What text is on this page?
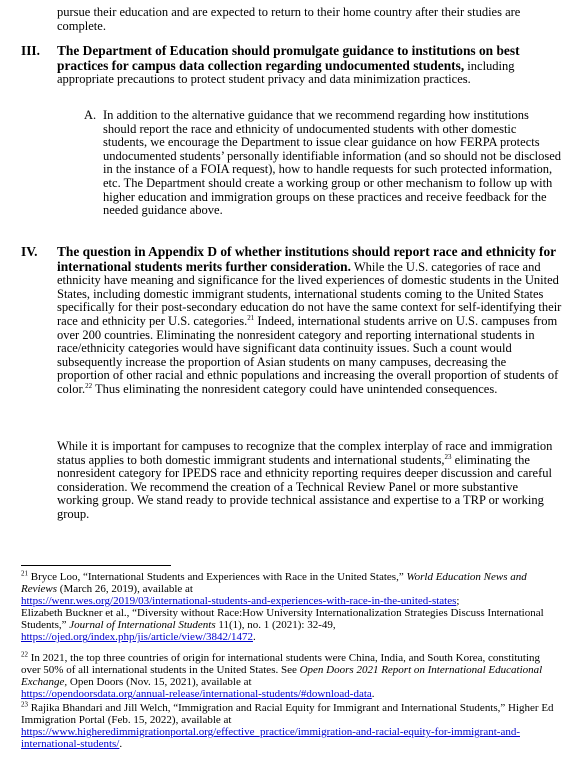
pursue their education and are expected to return to their home country after their studies are complete.
III. The Department of Education should promulgate guidance to institutions on best practices for campus data collection regarding undocumented students, including appropriate precautions to protect student privacy and data minimization practices.
A. In addition to the alternative guidance that we recommend regarding how institutions should report the race and ethnicity of undocumented students with other domestic students, we encourage the Department to issue clear guidance on how FERPA protects undocumented students’ personally identifiable information (and so should not be disclosed in the instance of a FOIA request), how to handle requests for such protected information, etc. The Department should create a working group or other mechanism to follow up with higher education and immigration groups on these practices and receive feedback for the needed guidance above.
IV. The question in Appendix D of whether institutions should report race and ethnicity for international students merits further consideration. While the U.S. categories of race and ethnicity have meaning and significance for the lived experiences of domestic students in the United States, including domestic immigrant students, international students coming to the United States specifically for their post-secondary education do not have the same context for self-identifying their race and ethnicity per U.S. categories.$^{21}$ Indeed, international students arrive on U.S. campuses from over 200 countries. Eliminating the nonresident category and reporting international students in race/ethnicity categories would have significant data continuity issues. Such a count would subsequently increase the proportion of Asian students on many campuses, decreasing the proportion of other racial and ethnic populations and increasing the overall proportion of students of color.$^{22}$ Thus eliminating the nonresident category could have unintended consequences.
While it is important for campuses to recognize that the complex interplay of race and immigration status applies to both domestic immigrant students and international students,$^{23}$ eliminating the nonresident category for IPEDS race and ethnicity reporting requires deeper discussion and careful consideration. We recommend the creation of a Technical Review Panel or more substantive working group. We stand ready to provide technical assistance and expertise to a TRP or working group.
$^{21}$ Bryce Loo, “International Students and Experiences with Race in the United States,” World Education News and Reviews (March 26, 2019), available at
https://wenr.wes.org/2019/03/international-students-and-experiences-with-race-in-the-united-states;
Elizabeth Buckner et al., “Diversity without Race:How University Internationalization Strategies Discuss International Students,” Journal of International Students 11(1), no. 1 (2021): 32-49,
https://ojed.org/index.php/jis/article/view/3842/1472.
$^{22}$ In 2021, the top three countries of origin for international students were China, India, and South Korea, constituting over 50% of all international students in the United States. See Open Doors 2021 Report on International Educational Exchange, Open Doors (Nov. 15, 2021), available at
https://opendoorsdata.org/annual-release/international-students/#download-data.
$^{23}$ Rajika Bhandari and Jill Welch, “Immigration and Racial Equity for Immigrant and International Students,” Higher Ed Immigration Portal (Feb. 15, 2022), available at
https://www.higheredimmigrationportal.org/effective_practice/immigration-and-racial-equity-for-immigrant-and-international-students/.
